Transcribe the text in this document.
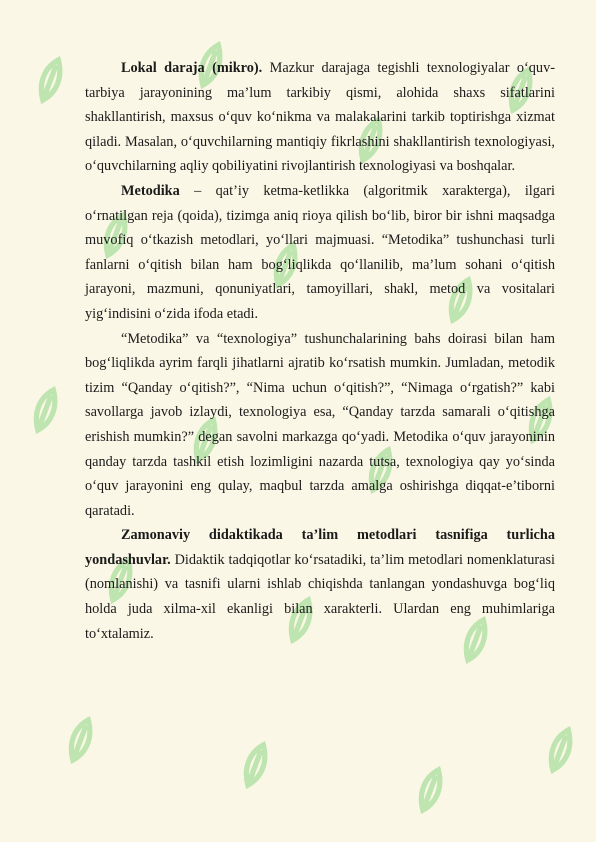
Lokal daraja (mikro). Mazkur darajaga tegishli texnologiyalar o‘quv-tarbiya jarayonining ma’lum tarkibiy qismi, alohida shaxs sifatlarini shakllantirish, maxsus o‘quv ko‘nikma va malakalarini tarkib toptirishga xizmat qiladi. Masalan, o‘quvchilarning mantiqiy fikrlashini shakllantirish texnologiyasi, o‘quvchilarning aqliy qobiliyatini rivojlantirish texnologiyasi va boshqalar.

Metodika – qat’iy ketma-ketlikka (algoritmik xarakterga), ilgari o‘rnatilgan reja (qoida), tizimga aniq rioya qilish bo‘lib, biror bir ishni maqsadga muvofiq o‘tkazish metodlari, yo‘llari majmuasi. “Metodika” tushunchasi turli fanlarni o‘qitish bilan ham bog‘liqlikda qo‘llanilib, ma’lum sohani o‘qitish jarayoni, mazmuni, qonuniyatlari, tamoyillari, shakl, metod va vositalari yig‘indisini o‘zida ifoda etadi.

“Metodika” va “texnologiya” tushunchalarining bahs doirasi bilan ham bog‘liqlikda ayrim farqli jihatlarni ajratib ko‘rsatish mumkin. Jumladan, metodik tizim “Qanday o‘qitish?”, “Nima uchun o‘qitish?”, “Nimaga o‘rgatish?” kabi savollarga javob izlaydi, texnologiya esa, “Qanday tarzda samarali o‘qitishga erishish mumkin?” degan savolni markazga qo‘yadi. Metodika o‘quv jarayoninin qanday tarzda tashkil etish lozimligini nazarda tutsa, texnologiya qay yo‘sinda o‘quv jarayonini eng qulay, maqbul tarzda amalga oshirishga diqqat-e’tiborni qaratadi.

Zamonaviy didaktikada ta’lim metodlari tasnifiga turlicha yondashuvlar. Didaktik tadqiqotlar ko‘rsatadiki, ta’lim metodlari nomenklaturasi (nomlanishi) va tasnifi ularni ishlab chiqishda tanlangan yondashuvga bog‘liq holda juda xilma-xil ekanligi bilan xarakterli. Ulardan eng muhimlariga to‘xtalamiz.
